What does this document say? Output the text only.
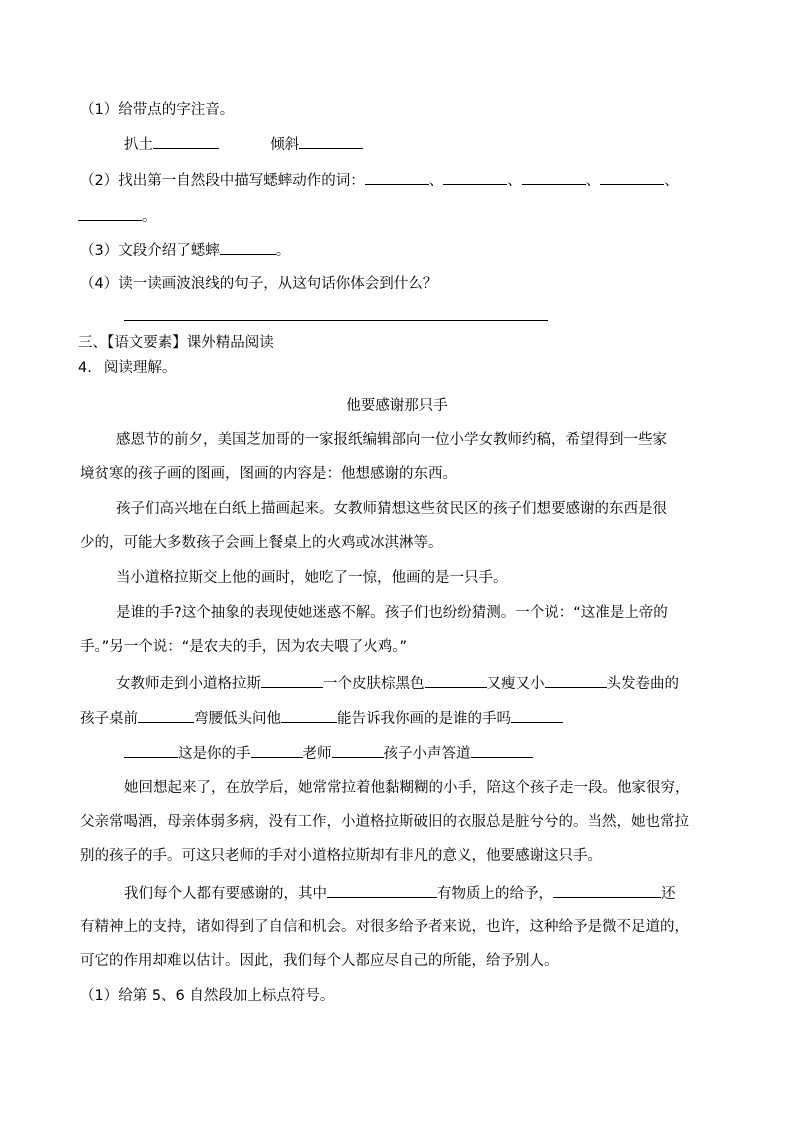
（1）给带点的字注音。
扒土	倾斜
（2）找出第一自然段中描写蟋蟀动作的词：	、	、	、	、
。
（3）文段介绍了蟋蟀	。
（4）读一读画波浪线的句子，从这句话你体会到什么？
三、【语文要素】课外精品阅读
4. 阅读理解。
他要感谢那只手
感恩节的前夕，美国芝加哥的一家报纸编辑部向一位小学女教师约稿，希望得到一些家
境贫寒的孩子画的图画，图画的内容是：他想感谢的东西。
孩子们高兴地在白纸上描画起来。女教师猜想这些贫民区的孩子们想要感谢的东西是很
少的，可能大多数孩子会画上餐桌上的火鸡或冰淇淋等。
当小道格拉斯交上他的画时，她吃了一惊，他画的是一只手。
是谁的手?这个抽象的表现使她迷惑不解。孩子们也纷纷猜测。一个说：“这准是上帝的
手。”另一个说：“是农夫的手，因为农夫喂了火鸡。”
女教师走到小道格拉斯	一个皮肤棕黑色	又瘦又小	头发卷曲的
孩子桌前	弯腰低头问他	能告诉我你画的是谁的手吗
这是你的手	老师	孩子小声答道
她回想起来了，在放学后，她常常拉着他黏糊糊的小手，陪这个孩子走一段。他家很穷，
父亲常喝酒，母亲体弱多病，没有工作，小道格拉斯破旧的衣服总是脏兮兮的。当然，她也常拉
别的孩子的手。可这只老师的手对小道格拉斯却有非凡的意义，他要感谢这只手。
我们每个人都有要感谢的，其中	有物质上的给予，	还
有精神上的支持，诸如得到了自信和机会。对很多给予者来说，也许，这种给予是微不足道的，
可它的作用却难以估计。因此，我们每个人都应尽自己的所能，给予别人。
（1）给第 5、6 自然段加上标点符号。
